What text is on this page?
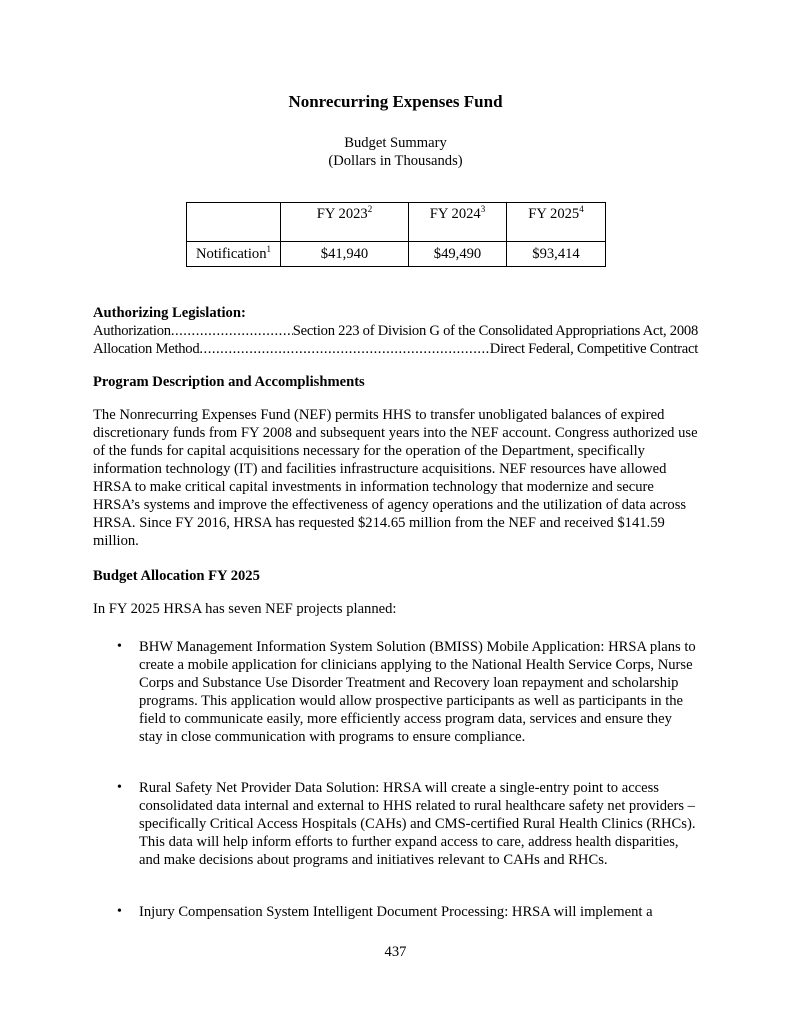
Nonrecurring Expenses Fund
Budget Summary
(Dollars in Thousands)

	FY 2023$^2$	FY 2024$^3$	FY 2025$^4$

Notification$^1$	$41,940	$49,490	$93,414
Authorizing Legislation:
Authorization .....	Section 223 of Division G of the Consolidated Appropriations Act, 2008
Allocation Method .....	Direct Federal, Competitive Contract
Program Description and Accomplishments

The Nonrecurring Expenses Fund (NEF) permits HHS to transfer unobligated balances of expired discretionary funds from FY 2008 and subsequent years into the NEF account. Congress authorized use of the funds for capital acquisitions necessary for the operation of the Department, specifically information technology (IT) and facilities infrastructure acquisitions. NEF resources have allowed HRSA to make critical capital investments in information technology that modernize and secure HRSA’s systems and improve the effectiveness of agency operations and the utilization of data across HRSA. Since FY 2016, HRSA has requested $214.65 million from the NEF and received $141.59 million.

Budget Allocation FY 2025

In FY 2025 HRSA has seven NEF projects planned:

• BHW Management Information System Solution (BMISS) Mobile Application: HRSA plans to create a mobile application for clinicians applying to the National Health Service Corps, Nurse Corps and Substance Use Disorder Treatment and Recovery loan repayment and scholarship programs. This application would allow prospective participants as well as participants in the field to communicate easily, more efficiently access program data, services and ensure they stay in close communication with programs to ensure compliance.
• Rural Safety Net Provider Data Solution: HRSA will create a single-entry point to access consolidated data internal and external to HHS related to rural healthcare safety net providers – specifically Critical Access Hospitals (CAHs) and CMS-certified Rural Health Clinics (RHCs). This data will help inform efforts to further expand access to care, address health disparities, and make decisions about programs and initiatives relevant to CAHs and RHCs.
• Injury Compensation System Intelligent Document Processing: HRSA will implement a
437
